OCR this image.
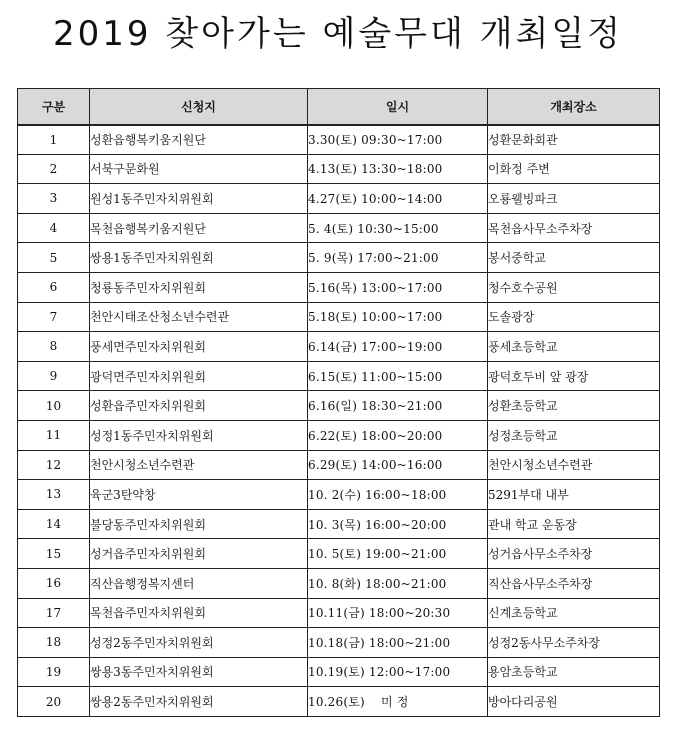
2019 찾아가는 예술무대 개최일정
구분	신청지	일시	개최장소
1	성환읍행복키움지원단	3.30(토) 09:30~17:00	성환문화회관
2	서북구문화원	4.13(토) 13:30~18:00	이화정 주변
3	원성1동주민자치위원회	4.27(토) 10:00~14:00	오룡웰빙파크
4	목천읍행복키움지원단	5. 4(토) 10:30~15:00	목천읍사무소주차장
5	쌍용1동주민자치위원회	5. 9(목) 17:00~21:00	봉서중학교
6	청룡동주민자치위원회	5.16(목) 13:00~17:00	청수호수공원
7	천안시태조산청소년수련관	5.18(토) 10:00~17:00	도솔광장
8	풍세면주민자치위원회	6.14(금) 17:00~19:00	풍세초등학교
9	광덕면주민자치위원회	6.15(토) 11:00~15:00	광덕호두비 앞 광장
10	성환읍주민자치위원회	6.16(일) 18:30~21:00	성환초등학교
11	성정1동주민자치위원회	6.22(토) 18:00~20:00	성정초등학교
12	천안시청소년수련관	6.29(토) 14:00~16:00	천안시청소년수련관
13	육군3탄약창	10. 2(수) 16:00~18:00	5291부대 내부
14	불당동주민자치위원회	10. 3(목) 16:00~20:00	관내 학교 운동장
15	성거읍주민자치위원회	10. 5(토) 19:00~21:00	성거읍사무소주차장
16	직산읍행정복지센터	10. 8(화) 18:00~21:00	직산읍사무소주차장
17	목천읍주민자치위원회	10.11(금) 18:00~20:30	신계초등학교
18	성정2동주민자치위원회	10.18(금) 18:00~21:00	성정2동사무소주차장
19	쌍용3동주민자치위원회	10.19(토) 12:00~17:00	용암초등학교
20	쌍용2동주민자치위원회	10.26(토)    미 정	방아다리공원
